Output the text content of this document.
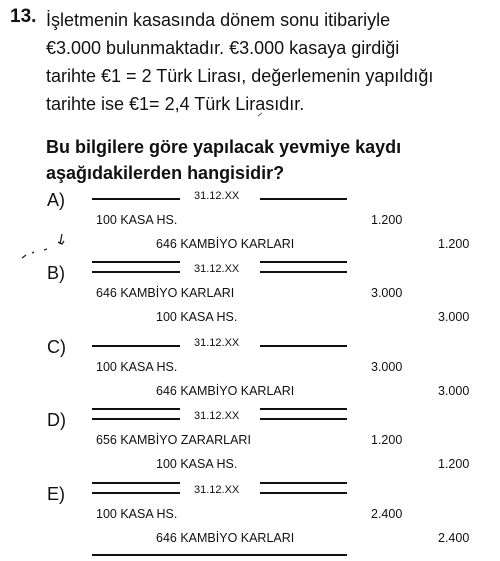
13. İşletmenin kasasında dönem sonu itibariyle
€3.000 bulunmaktadır. €3.000 kasaya girdiği
tarihte €1 = 2 Türk Lirası, değerlemenin yapıldığı
tarihte ise €1= 2,4 Türk Lirasıdır.
Bu bilgilere göre yapılacak yevmiye kaydı
aşağıdakilerden hangisidir?
A)	31.12.XX
100 KASA HS.	1.200
646 KAMBİYO KARLARI	1.200
B)	31.12.XX
646 KAMBİYO KARLARI	3.000
100 KASA HS.	3.000
C)	31.12.XX
100 KASA HS.	3.000
646 KAMBİYO KARLARI	3.000
D)	31.12.XX
656 KAMBİYO ZARARLARI	1.200
100 KASA HS.	1.200
E)	31.12.XX
100 KASA HS.	2.400
646 KAMBİYO KARLARI	2.400
